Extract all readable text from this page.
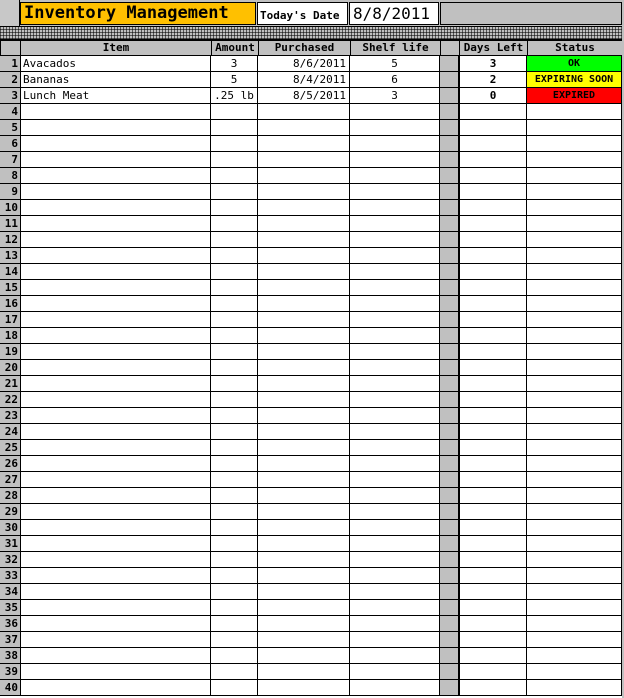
Inventory Management	Today's Date 8/8/2011
Item	Amount	Purchased	Shelf life	Days Left	Status
1 Avacados	3	8/6/2011	5	3	OK
2 Bananas	5	8/4/2011	6	2	EXPIRING SOON
3 Lunch Meat	.25 lb	8/5/2011	3	0	EXPIRED
4
5
6
7
8
9
10
11
12
13
14
15
16
17
18
19
20
21
22
23
24
25
26
27
28
29
30
31
32
33
34
35
36
37
38
39
40
